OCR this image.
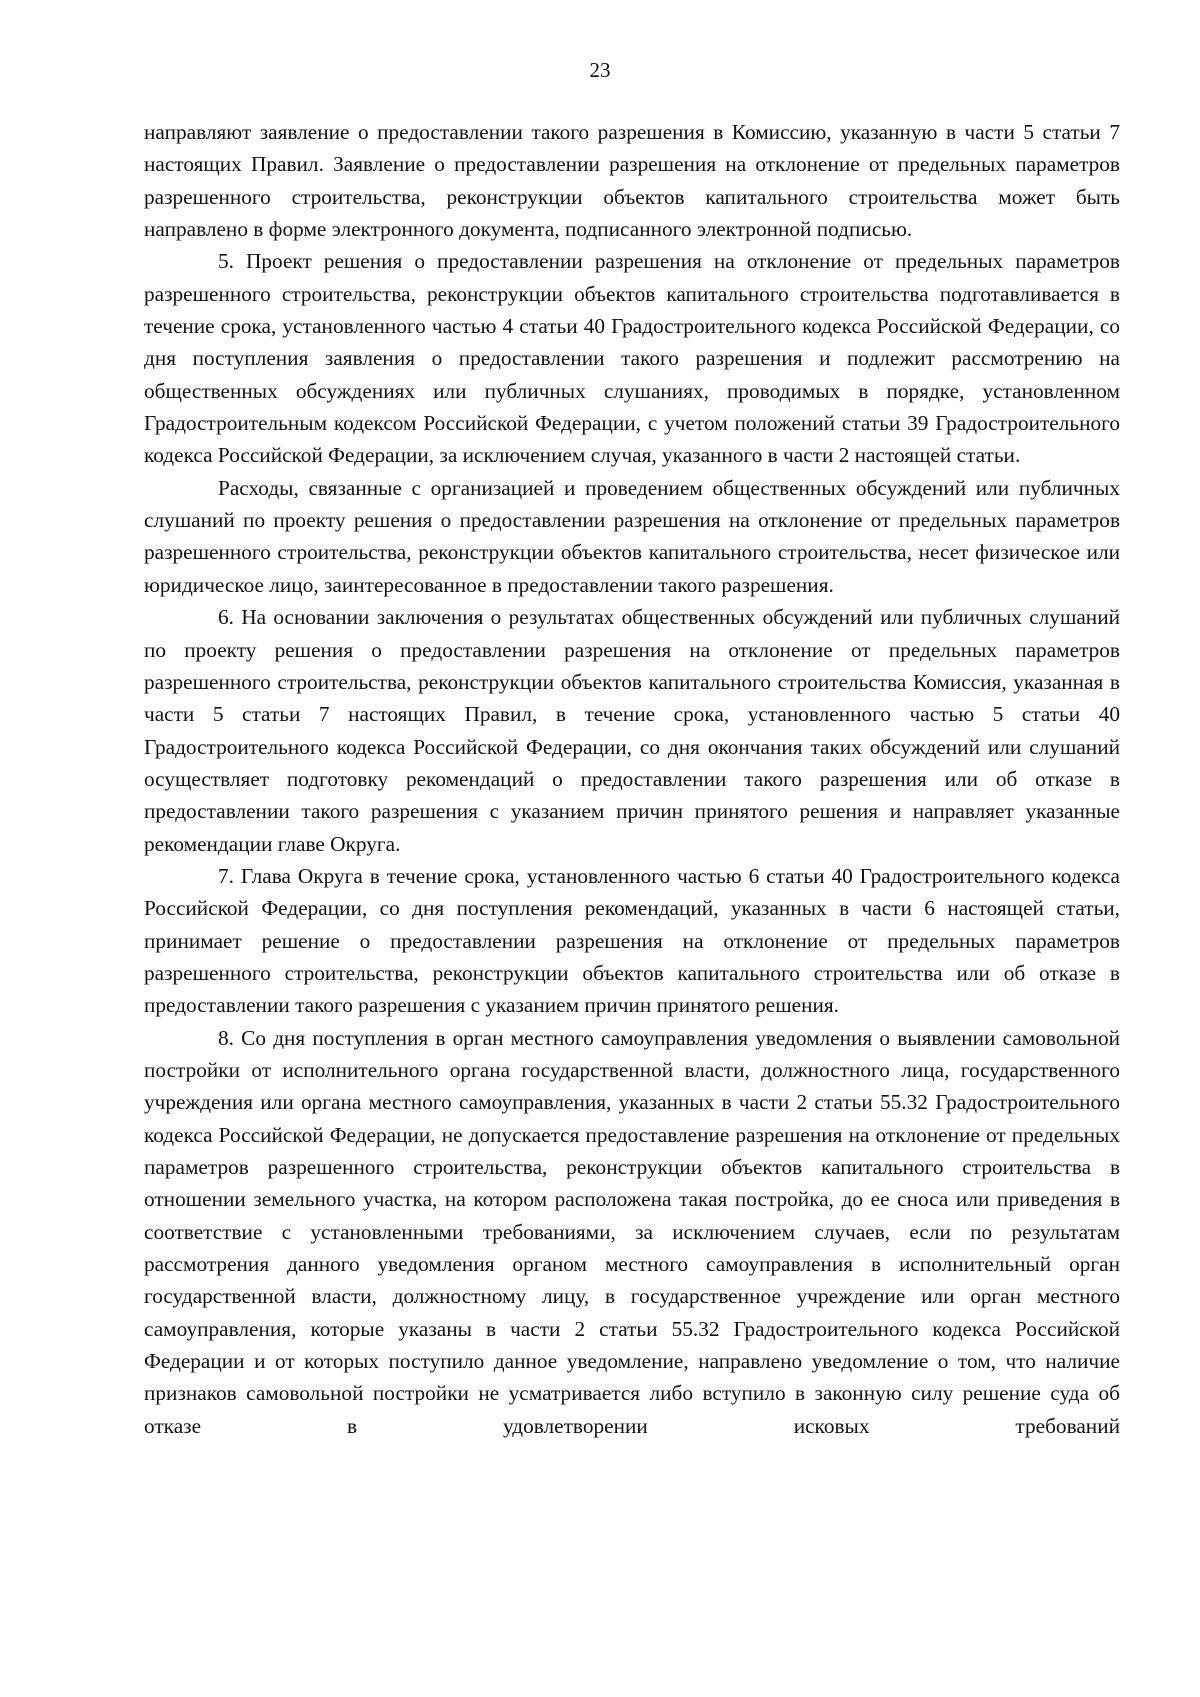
23

направляют заявление о предоставлении такого разрешения в Комиссию, указанную в части 5 статьи 7 настоящих Правил. Заявление о предоставлении разрешения на отклонение от предельных параметров разрешенного строительства, реконструкции объектов капитального строительства может быть направлено в форме электронного документа, подписанного электронной подписью.

5. Проект решения о предоставлении разрешения на отклонение от предельных параметров разрешенного строительства, реконструкции объектов капитального строительства подготавливается в течение срока, установленного частью 4 статьи 40 Градостроительного кодекса Российской Федерации, со дня поступления заявления о предоставлении такого разрешения и подлежит рассмотрению на общественных обсуждениях или публичных слушаниях, проводимых в порядке, установленном Градостроительным кодексом Российской Федерации, с учетом положений статьи 39 Градостроительного кодекса Российской Федерации, за исключением случая, указанного в части 2 настоящей статьи.

Расходы, связанные с организацией и проведением общественных обсуждений или публичных слушаний по проекту решения о предоставлении разрешения на отклонение от предельных параметров разрешенного строительства, реконструкции объектов капитального строительства, несет физическое или юридическое лицо, заинтересованное в предоставлении такого разрешения.

6. На основании заключения о результатах общественных обсуждений или публичных слушаний по проекту решения о предоставлении разрешения на отклонение от предельных параметров разрешенного строительства, реконструкции объектов капитального строительства Комиссия, указанная в части 5 статьи 7 настоящих Правил, в течение срока, установленного частью 5 статьи 40 Градостроительного кодекса Российской Федерации, со дня окончания таких обсуждений или слушаний осуществляет подготовку рекомендаций о предоставлении такого разрешения или об отказе в предоставлении такого разрешения с указанием причин принятого решения и направляет указанные рекомендации главе Округа.

7. Глава Округа в течение срока, установленного частью 6 статьи 40 Градостроительного кодекса Российской Федерации, со дня поступления рекомендаций, указанных в части 6 настоящей статьи, принимает решение о предоставлении разрешения на отклонение от предельных параметров разрешенного строительства, реконструкции объектов капитального строительства или об отказе в предоставлении такого разрешения с указанием причин принятого решения.

8. Со дня поступления в орган местного самоуправления уведомления о выявлении самовольной постройки от исполнительного органа государственной власти, должностного лица, государственного учреждения или органа местного самоуправления, указанных в части 2 статьи 55.32 Градостроительного кодекса Российской Федерации, не допускается предоставление разрешения на отклонение от предельных параметров разрешенного строительства, реконструкции объектов капитального строительства в отношении земельного участка, на котором расположена такая постройка, до ее сноса или приведения в соответствие с установленными требованиями, за исключением случаев, если по результатам рассмотрения данного уведомления органом местного самоуправления в исполнительный орган государственной власти, должностному лицу, в государственное учреждение или орган местного самоуправления, которые указаны в части 2 статьи 55.32 Градостроительного кодекса Российской Федерации и от которых поступило данное уведомление, направлено уведомление о том, что наличие признаков самовольной постройки не усматривается либо вступило в законную силу решение суда об отказе в удовлетворении исковых требований
